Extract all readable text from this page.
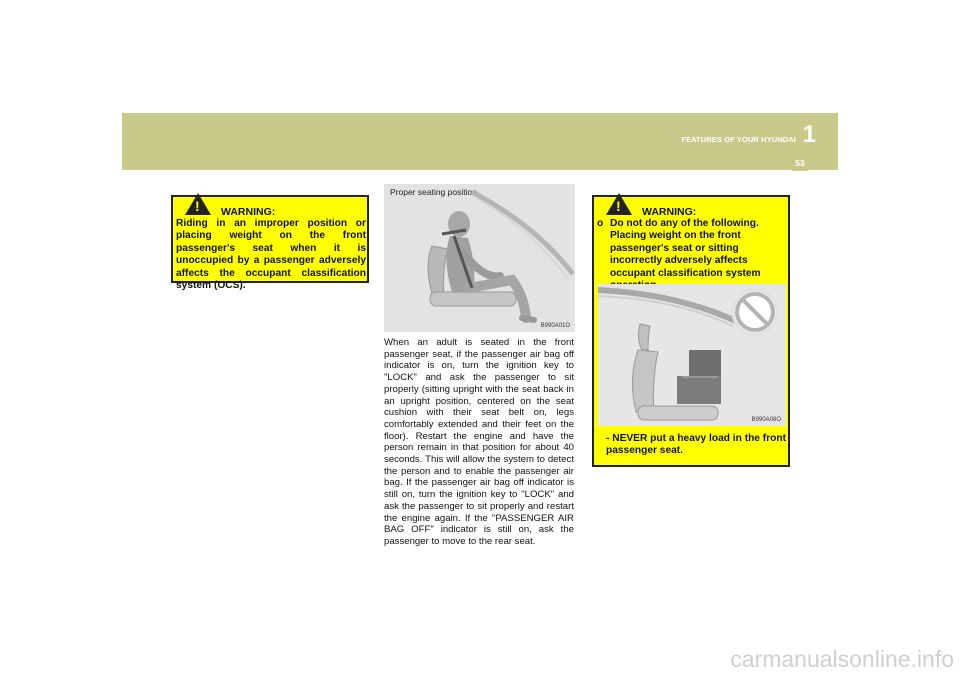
FEATURES OF YOUR HYUNDAI 1
53
! WARNING:
Riding in an improper position or placing weight on the front passenger's seat when it is unoccupied by a passenger adversely affects the occupant classification system (OCS).
Proper seating position
B990A01O
When an adult is seated in the front passenger seat, if the passenger air bag off indicator is on, turn the ignition key to "LOCK" and ask the passenger to sit properly (sitting upright with the seat back in an upright position, centered on the seat cushion with their seat belt on, legs comfortably extended and their feet on the floor). Restart the engine and have the person remain in that position for about 40 seconds. This will allow the system to detect the person and to enable the passenger air bag. If the passenger air bag off indicator is still on, turn the ignition key to "LOCK" and ask the passenger to sit properly and restart the engine again. If the "PASSENGER AIR BAG OFF" indicator is still on, ask the passenger to move to the rear seat.
! WARNING:
o Do not do any of the following. Placing weight on the front passenger's seat or sitting incorrectly adversely affects occupant classification system
B990A08O
- NEVER put a heavy load in the front passenger seat.
carmanualsonline.info
